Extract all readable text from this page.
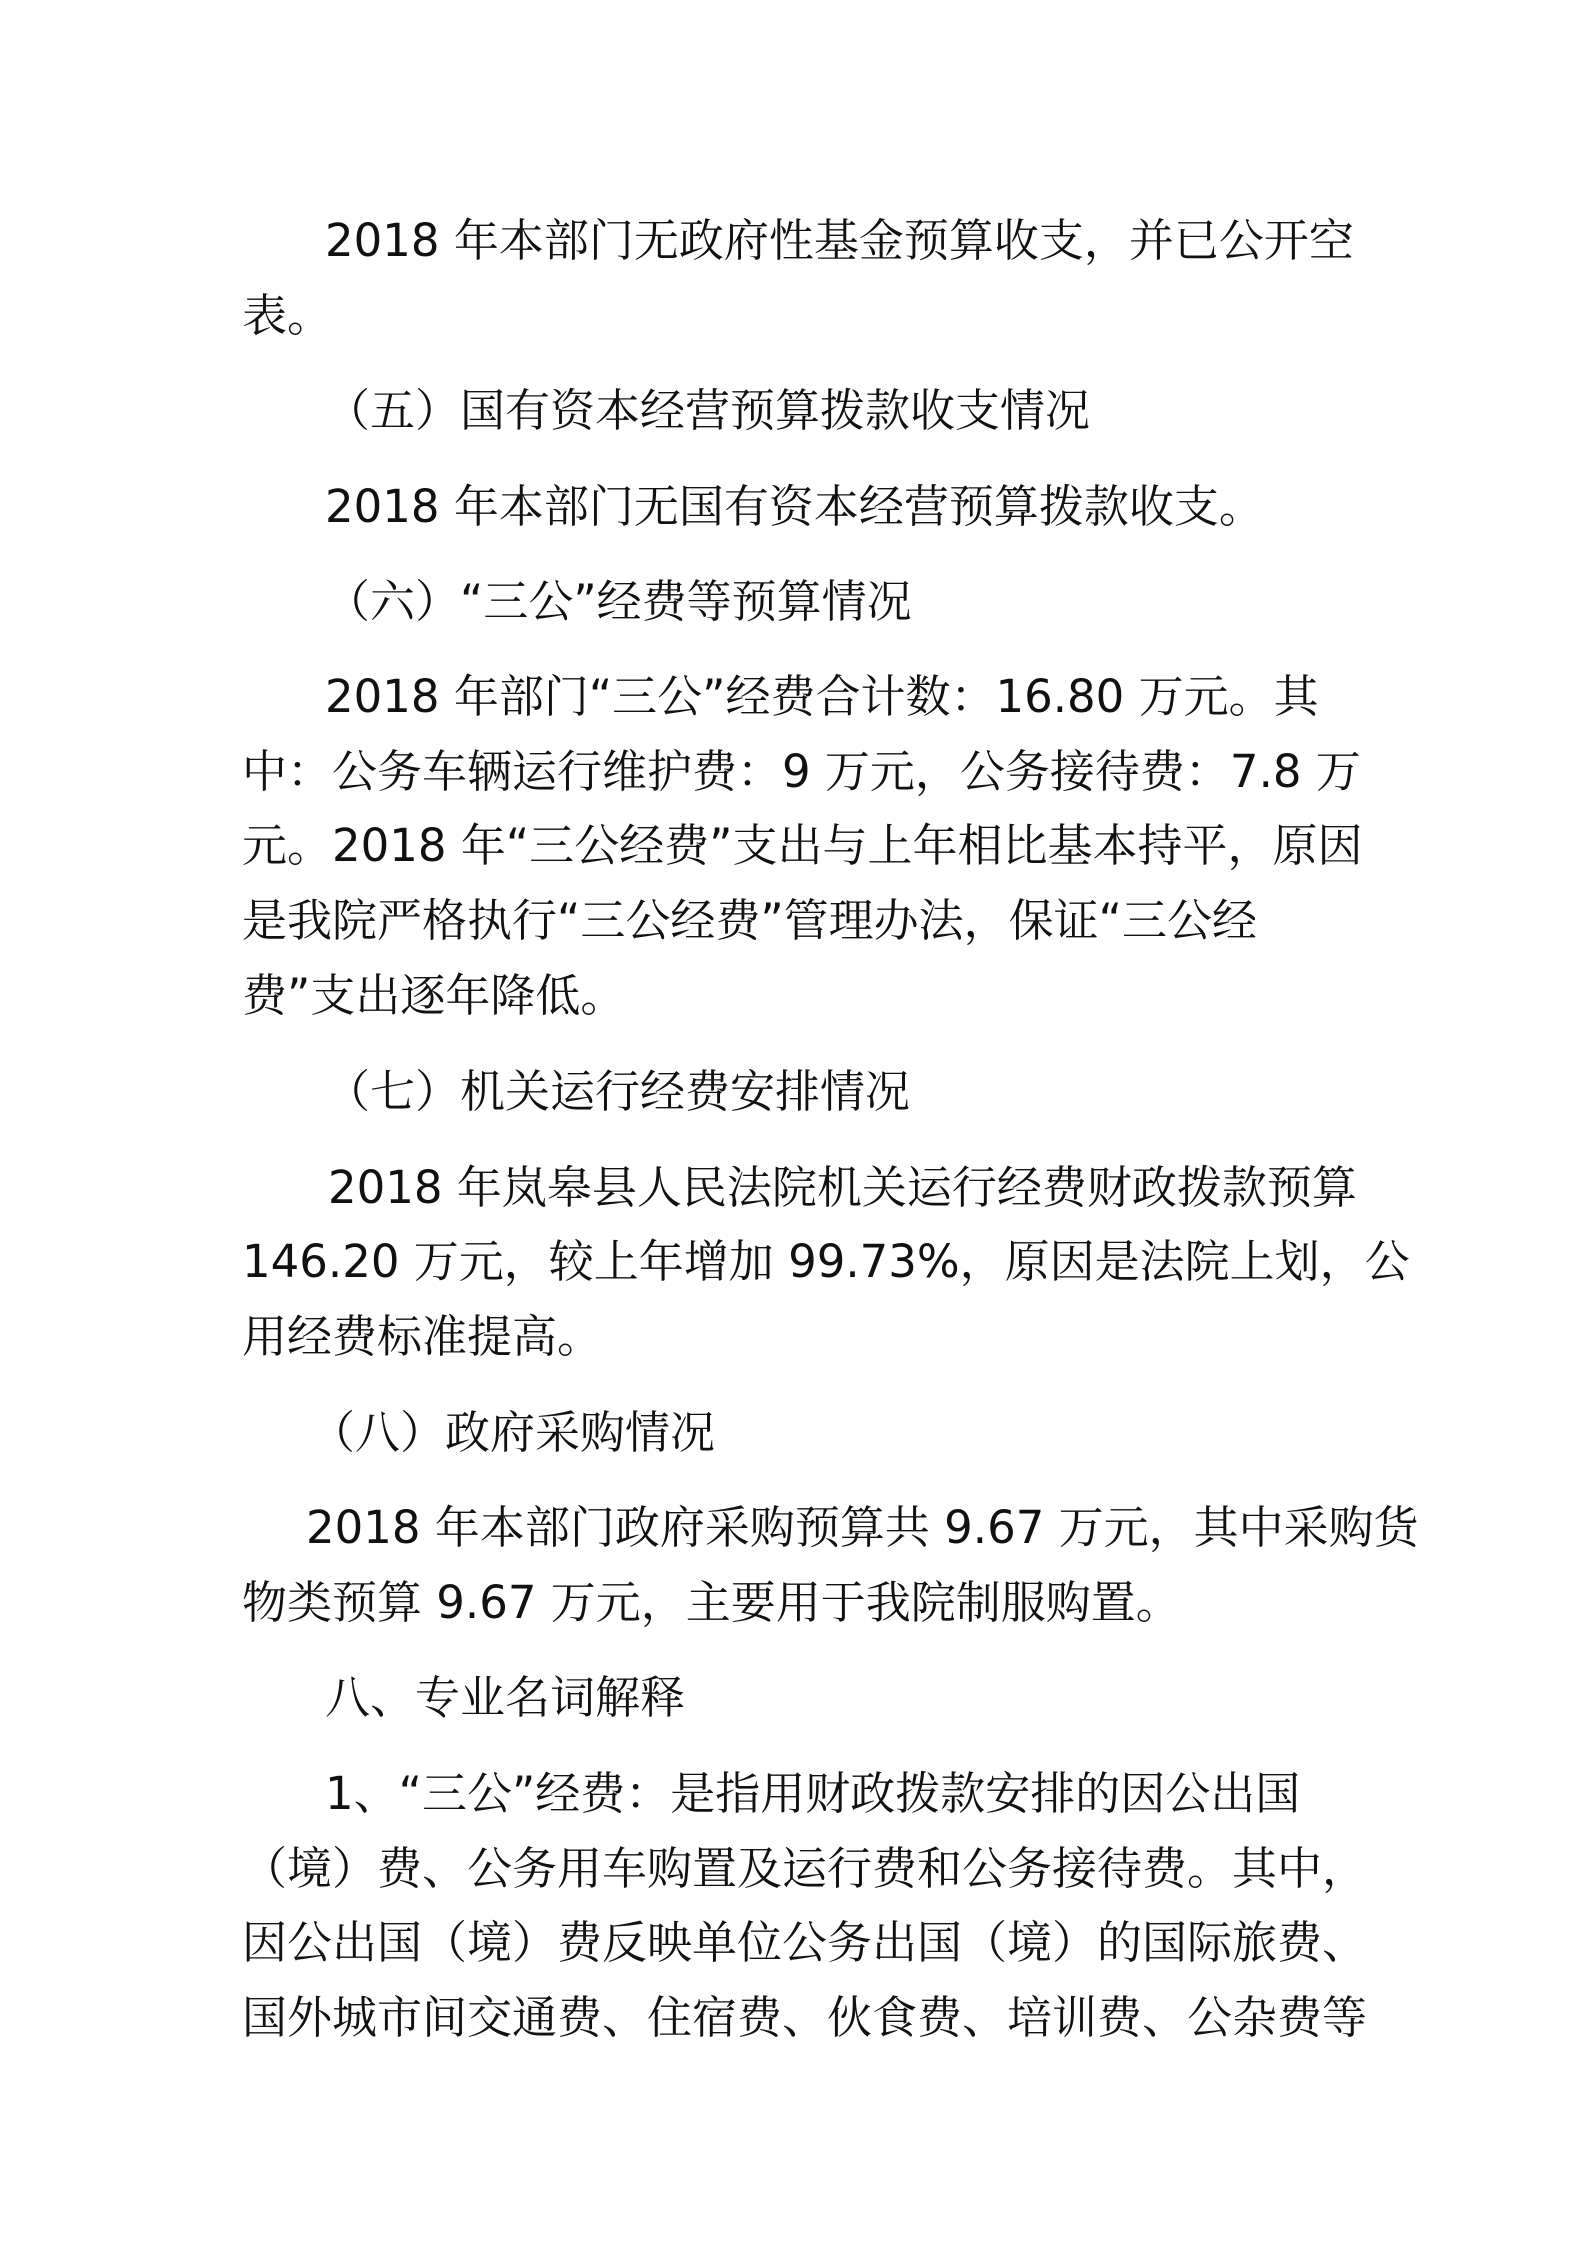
2018 年本部门无政府性基金预算收支，并已公开空
表。
（五）国有资本经营预算拨款收支情况
2018 年本部门无国有资本经营预算拨款收支。
（六）“三公”经费等预算情况
2018 年部门“三公”经费合计数：16.80 万元。其
中：公务车辆运行维护费：9 万元，公务接待费：7.8 万
元。2018 年“三公经费”支出与上年相比基本持平，原因
是我院严格执行“三公经费”管理办法，保证“三公经
费”支出逐年降低。
（七）机关运行经费安排情况
2018 年岚皋县人民法院机关运行经费财政拨款预算
146.20 万元，较上年增加 99.73%，原因是法院上划，公
用经费标准提高。
（八）政府采购情况
2018 年本部门政府采购预算共 9.67 万元，其中采购货
物类预算 9.67 万元，主要用于我院制服购置。
八、专业名词解释
1、“三公”经费：是指用财政拨款安排的因公出国
（境）费、公务用车购置及运行费和公务接待费。其中，
因公出国（境）费反映单位公务出国（境）的国际旅费、
国外城市间交通费、住宿费、伙食费、培训费、公杂费等
